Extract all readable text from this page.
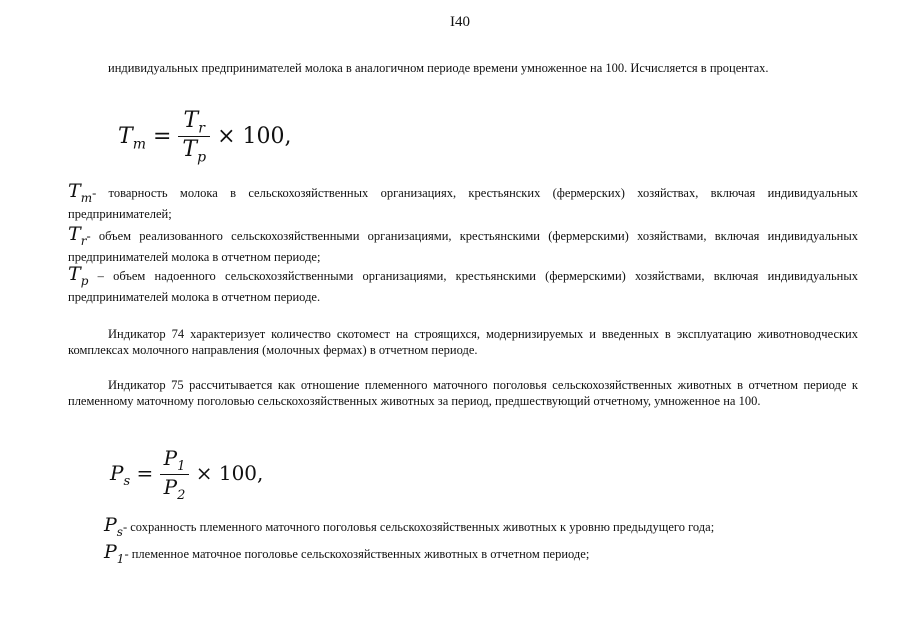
I40
индивидуальных предпринимателей молока в аналогичном периоде времени умноженное на 100. Исчисляется в процентах.
$T_m = \frac{T_r}{T_p} \times 100$,
$T_m-$ товарность молока в сельскохозяйственных организациях, крестьянских (фермерских) хозяйствах, включая индивидуальных предпринимателей;
$T_r-$ объем реализованного сельскохозяйственными организациями, крестьянскими (фермерскими) хозяйствами, включая индивидуальных предпринимателей молока в отчетном периоде;
$T_p$ – объем надоенного сельскохозяйственными организациями, крестьянскими (фермерскими) хозяйствами, включая индивидуальных предпринимателей молока в отчетном периоде.
Индикатор 74 характеризует количество скотомест на строящихся, модернизируемых и введенных в эксплуатацию животноводческих комплексах молочного направления (молочных фермах) в отчетном периоде.
Индикатор 75 рассчитывается как отношение племенного маточного поголовья сельскохозяйственных животных в отчетном периоде к племенному маточному поголовью сельскохозяйственных животных за период, предшествующий отчетному, умноженное на 100.
$P_s = \frac{P_1}{P_2} \times 100$,
$P_s-$ сохранность племенного маточного поголовья сельскохозяйственных животных к уровню предыдущего года;
$P_1-$ племенное маточное поголовье сельскохозяйственных животных в отчетном периоде;
